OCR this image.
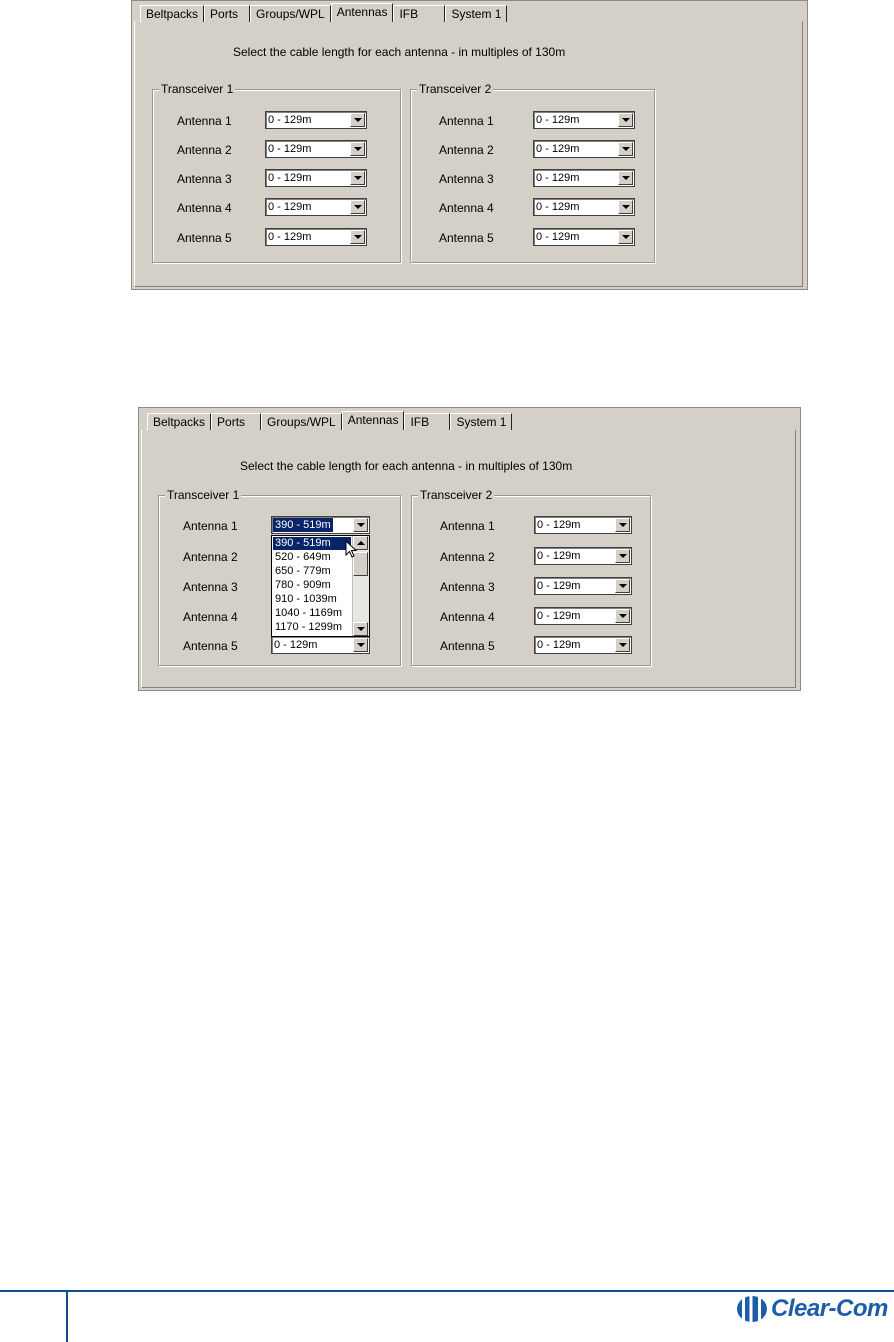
Beltpacks	Ports	Groups/WPL	Antennas	IFB	System 1
Select the cable length for each antenna - in multiples of 130m
Transceiver 1
Antenna 1	0 - 129m
Antenna 2	0 - 129m
Antenna 3	0 - 129m
Antenna 4	0 - 129m
Antenna 5	0 - 129m
Transceiver 2
Antenna 1	0 - 129m
Antenna 2	0 - 129m
Antenna 3	0 - 129m
Antenna 4	0 - 129m
Antenna 5	0 - 129m
Beltpacks	Ports	Groups/WPL	Antennas	IFB	System 1
Select the cable length for each antenna - in multiples of 130m
Transceiver 1
Antenna 1	390 - 519m
Antenna 2
Antenna 3
Antenna 4
Antenna 5	0 - 129m
390 - 519m
520 - 649m
650 - 779m
780 - 909m
910 - 1039m
1040 - 1169m
1170 - 1299m
Transceiver 2
Antenna 1	0 - 129m
Antenna 2	0 - 129m
Antenna 3	0 - 129m
Antenna 4	0 - 129m
Antenna 5	0 - 129m
Clear-Com
